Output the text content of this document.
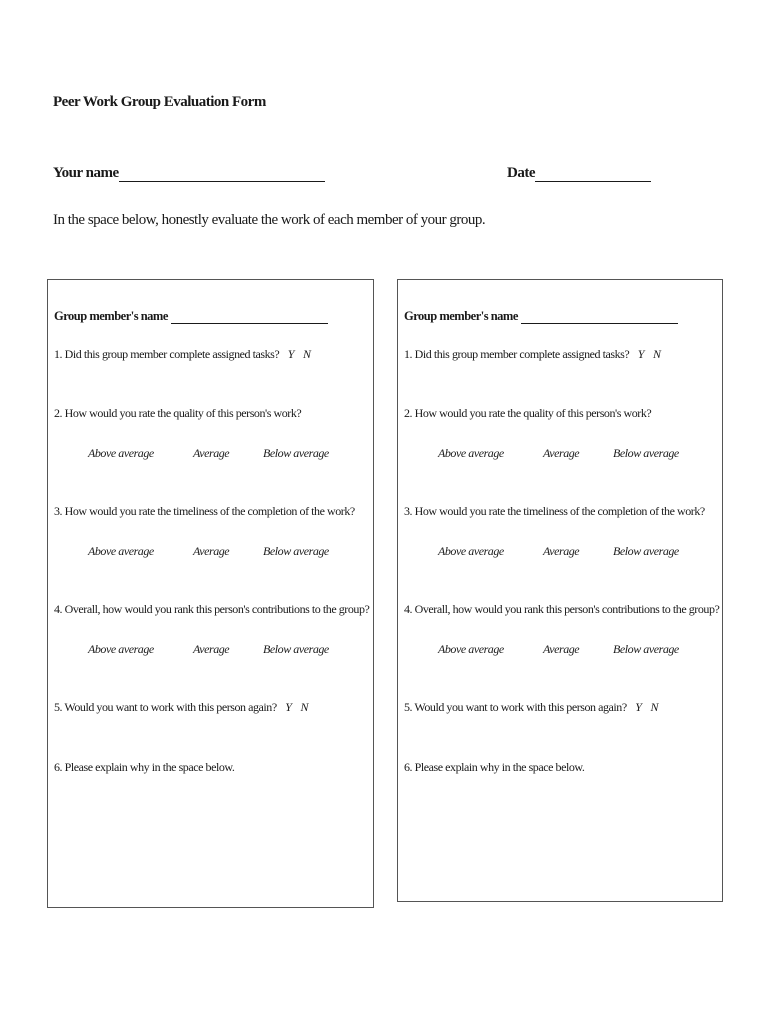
Peer Work Group Evaluation Form
Your name	Date
In the space below, honestly evaluate the work of each member of your group.
Group member's name
1. Did this group member complete assigned tasks? Y N
2. How would you rate the quality of this person's work?
Above average	Average	Below average
3. How would you rate the timeliness of the completion of the work?
Above average	Average	Below average
4. Overall, how would you rank this person's contributions to the group?
Above average	Average	Below average
5. Would you want to work with this person again? Y N
6. Please explain why in the space below.
Group member's name
1. Did this group member complete assigned tasks? Y N
2. How would you rate the quality of this person's work?
Above average	Average	Below average
3. How would you rate the timeliness of the completion of the work?
Above average	Average	Below average
4. Overall, how would you rank this person's contributions to the group?
Above average	Average	Below average
5. Would you want to work with this person again? Y N
6. Please explain why in the space below.
